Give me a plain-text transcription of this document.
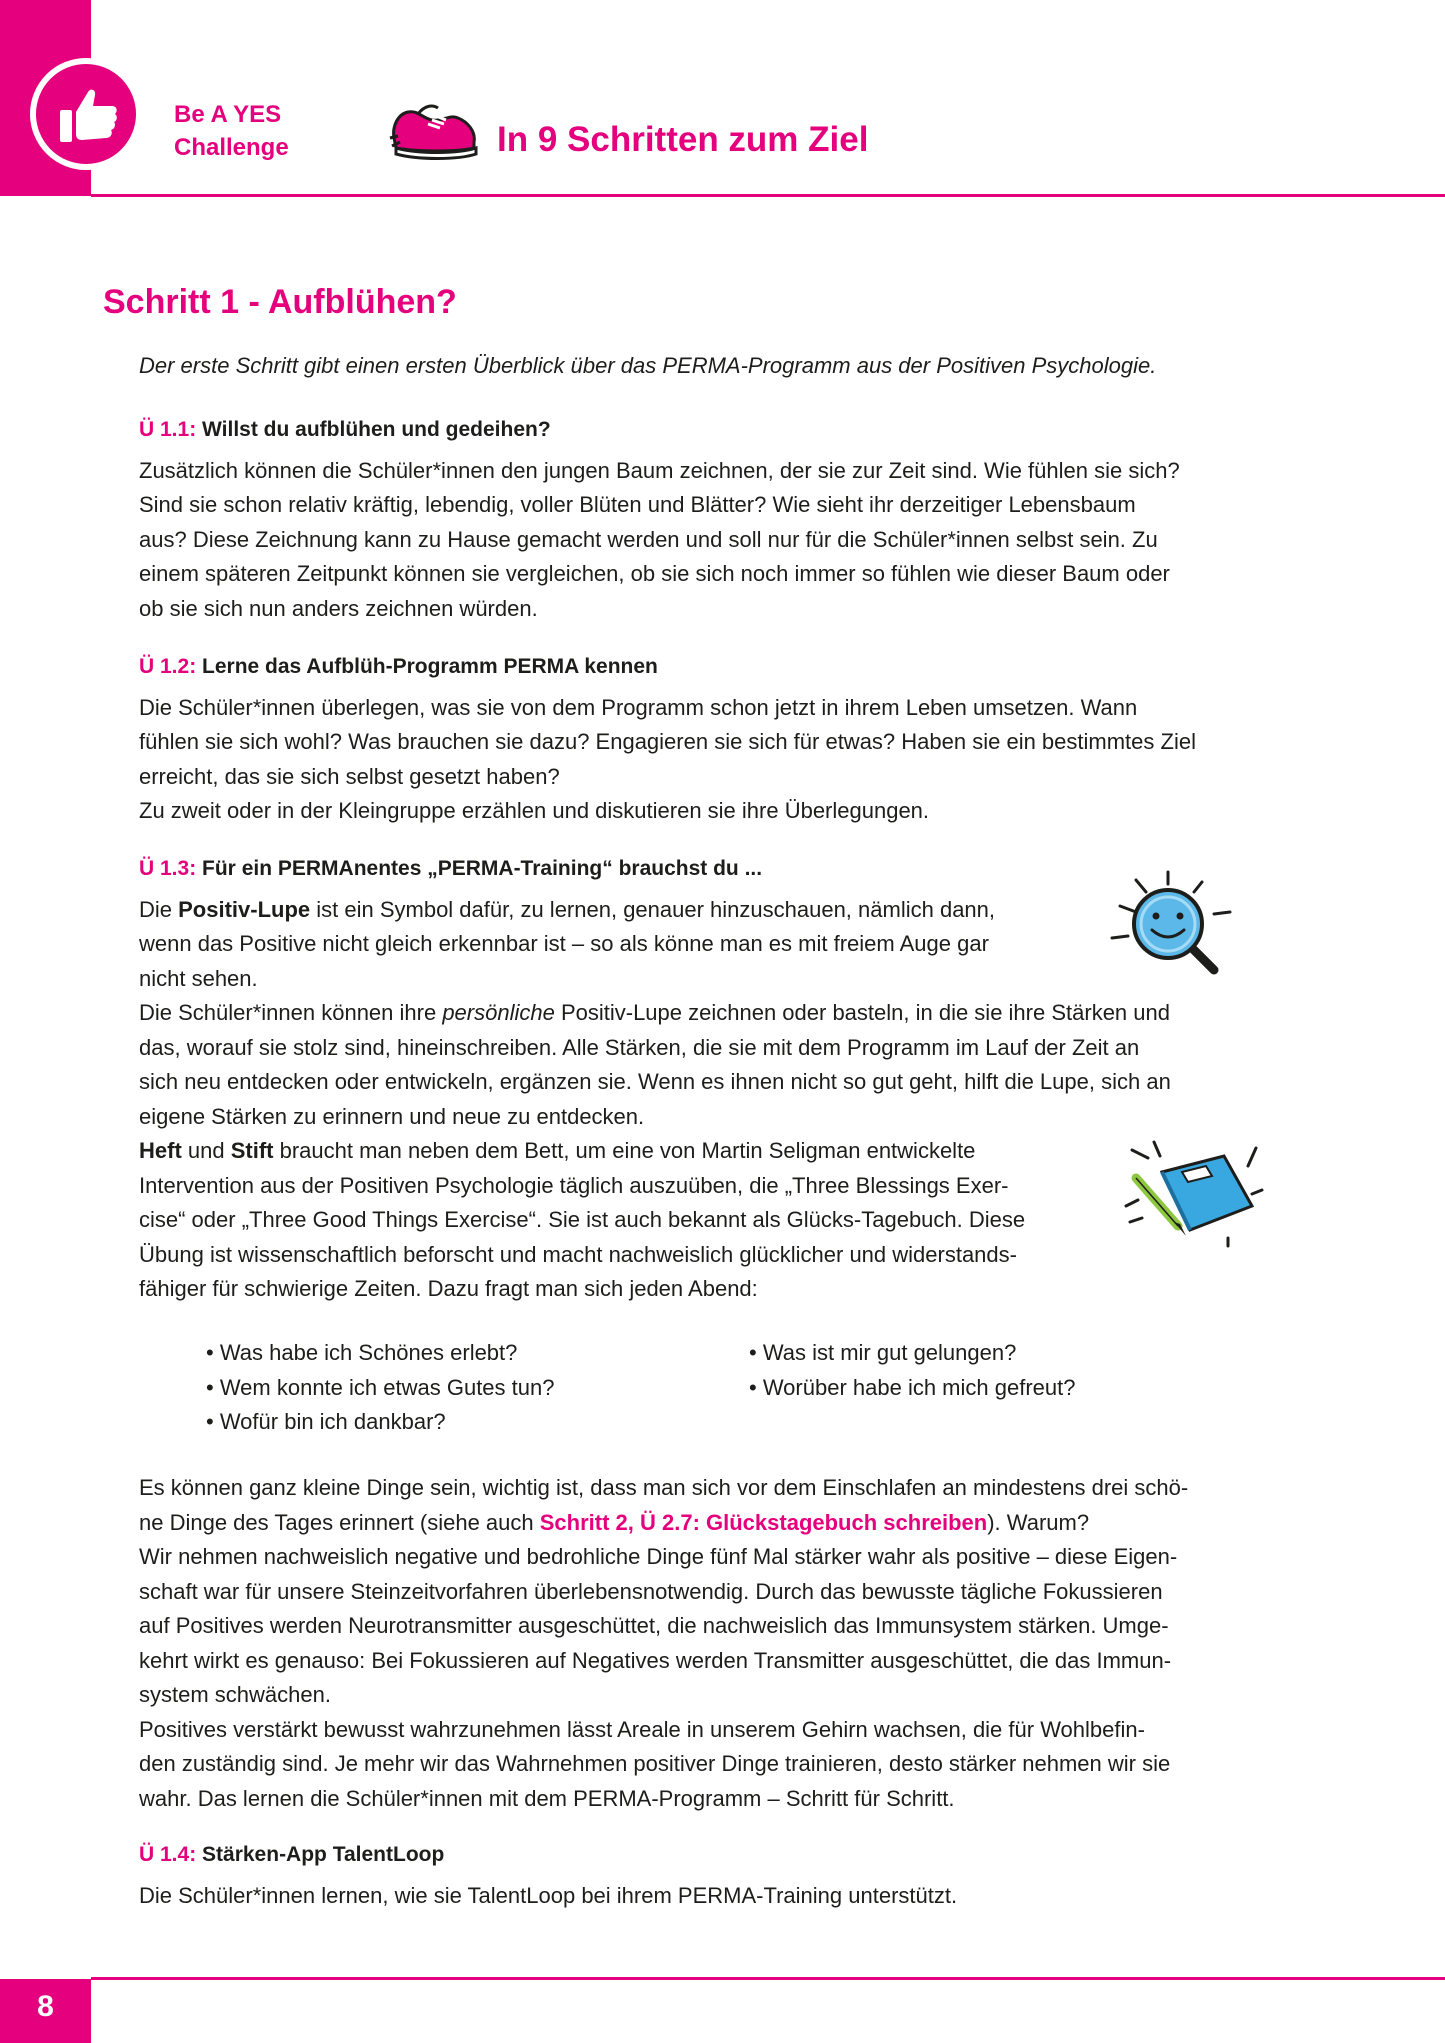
Be A YES
Challenge	In 9 Schritten zum Ziel
Schritt 1 - Aufblühen?
Der erste Schritt gibt einen ersten Überblick über das PERMA-Programm aus der Positiven Psychologie.
Ü 1.1: Willst du aufblühen und gedeihen?

Zusätzlich können die Schüler*innen den jungen Baum zeichnen, der sie zur Zeit sind. Wie fühlen sie sich?

Sind sie schon relativ kräftig, lebendig, voller Blüten und Blätter? Wie sieht ihr derzeitiger Lebensbaum

aus? Diese Zeichnung kann zu Hause gemacht werden und soll nur für die Schüler*innen selbst sein. Zu

einem späteren Zeitpunkt können sie vergleichen, ob sie sich noch immer so fühlen wie dieser Baum oder

ob sie sich nun anders zeichnen würden.

Ü 1.2: Lerne das Aufblüh-Programm PERMA kennen

Die Schüler*innen überlegen, was sie von dem Programm schon jetzt in ihrem Leben umsetzen. Wann

fühlen sie sich wohl? Was brauchen sie dazu? Engagieren sie sich für etwas? Haben sie ein bestimmtes Ziel

erreicht, das sie sich selbst gesetzt haben?

Zu zweit oder in der Kleingruppe erzählen und diskutieren sie ihre Überlegungen.

Ü 1.3: Für ein PERMAnentes „PERMA-Training“ brauchst du ...

Die Positiv-Lupe ist ein Symbol dafür, zu lernen, genauer hinzuschauen, nämlich dann,

wenn das Positive nicht gleich erkennbar ist – so als könne man es mit freiem Auge gar

nicht sehen.

Die Schüler*innen können ihre persönliche Positiv-Lupe zeichnen oder basteln, in die sie ihre Stärken und

das, worauf sie stolz sind, hineinschreiben. Alle Stärken, die sie mit dem Programm im Lauf der Zeit an

sich neu entdecken oder entwickeln, ergänzen sie. Wenn es ihnen nicht so gut geht, hilft die Lupe, sich an

eigene Stärken zu erinnern und neue zu entdecken.

Heft und Stift braucht man neben dem Bett, um eine von Martin Seligman entwickelte

Intervention aus der Positiven Psychologie täglich auszuüben, die „Three Blessings Exer-

cise“ oder „Three Good Things Exercise“. Sie ist auch bekannt als Glücks-Tagebuch. Diese

Übung ist wissenschaftlich beforscht und macht nachweislich glücklicher und widerstands-

fähiger für schwierige Zeiten. Dazu fragt man sich jeden Abend:

• Was habe ich Schönes erlebt?
• Wem konnte ich etwas Gutes tun?
• Wofür bin ich dankbar?
• Was ist mir gut gelungen?
• Worüber habe ich mich gefreut?

Es können ganz kleine Dinge sein, wichtig ist, dass man sich vor dem Einschlafen an mindestens drei schö-

ne Dinge des Tages erinnert (siehe auch Schritt 2, Ü 2.7: Glückstagebuch schreiben). Warum?

Wir nehmen nachweislich negative und bedrohliche Dinge fünf Mal stärker wahr als positive – diese Eigen-

schaft war für unsere Steinzeitvorfahren überlebensnotwendig. Durch das bewusste tägliche Fokussieren

auf Positives werden Neurotransmitter ausgeschüttet, die nachweislich das Immunsystem stärken. Umge-

kehrt wirkt es genauso: Bei Fokussieren auf Negatives werden Transmitter ausgeschüttet, die das Immun-

system schwächen.

Positives verstärkt bewusst wahrzunehmen lässt Areale in unserem Gehirn wachsen, die für Wohlbefin-

den zuständig sind. Je mehr wir das Wahrnehmen positiver Dinge trainieren, desto stärker nehmen wir sie

wahr. Das lernen die Schüler*innen mit dem PERMA-Programm – Schritt für Schritt.

Ü 1.4: Stärken-App TalentLoop

Die Schüler*innen lernen, wie sie TalentLoop bei ihrem PERMA-Training unterstützt.

8
